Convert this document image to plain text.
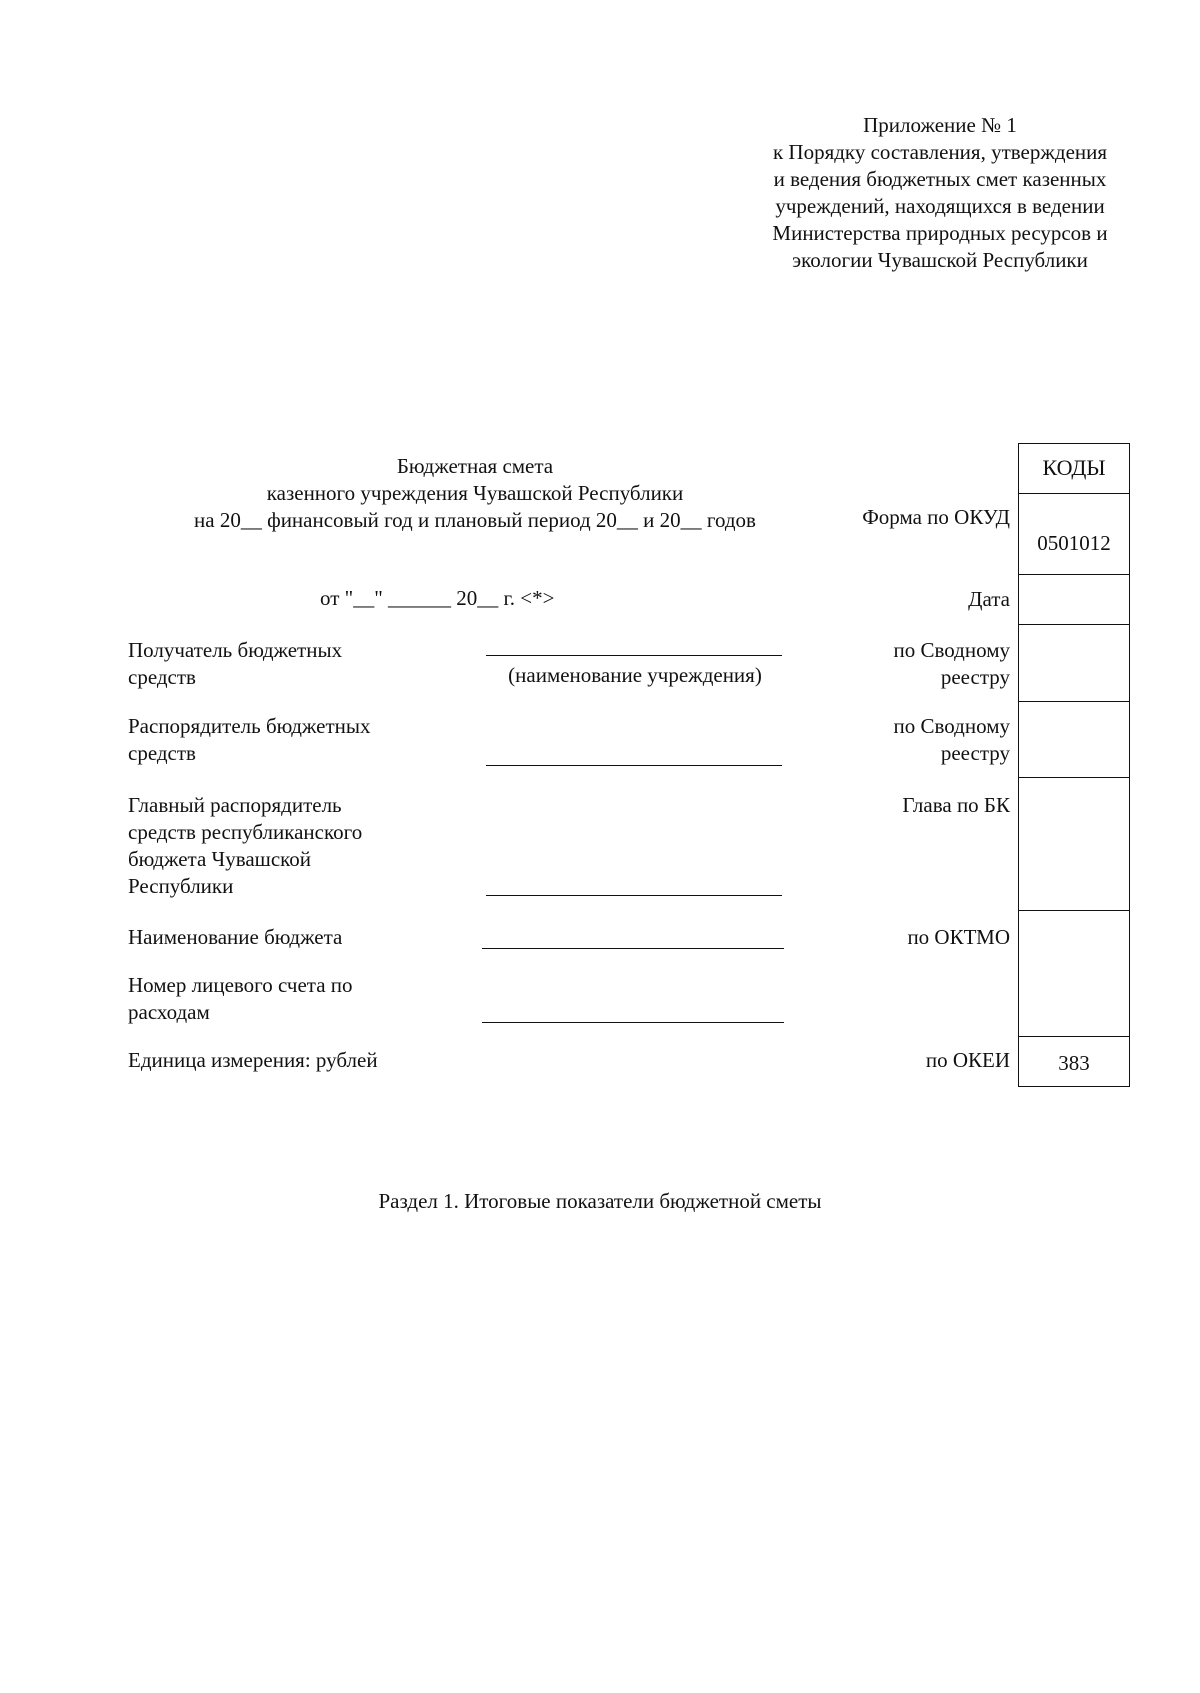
Приложение № 1
к Порядку составления, утверждения
и ведения бюджетных смет казенных
учреждений, находящихся в ведении
Министерства природных ресурсов и
экологии Чувашской Республики
Бюджетная смета
казенного учреждения Чувашской Республики
на 20__ финансовый год и плановый период 20__ и 20__ годов
от "__" ______ 20__ г. <*>
Получатель бюджетных
средств	(наименование учреждения)
Распорядитель бюджетных
средств
Главный распорядитель
средств республиканского
бюджета Чувашской
Республики
Наименование бюджета
Номер лицевого счета по
расходам
Единица измерения: рублей
Форма по ОКУД
Дата
по Сводному
реестру
по Сводному
реестру
Глава по БК
по ОКТМО
по ОКЕИ
КОДЫ
0501012
383
Раздел 1. Итоговые показатели бюджетной сметы
